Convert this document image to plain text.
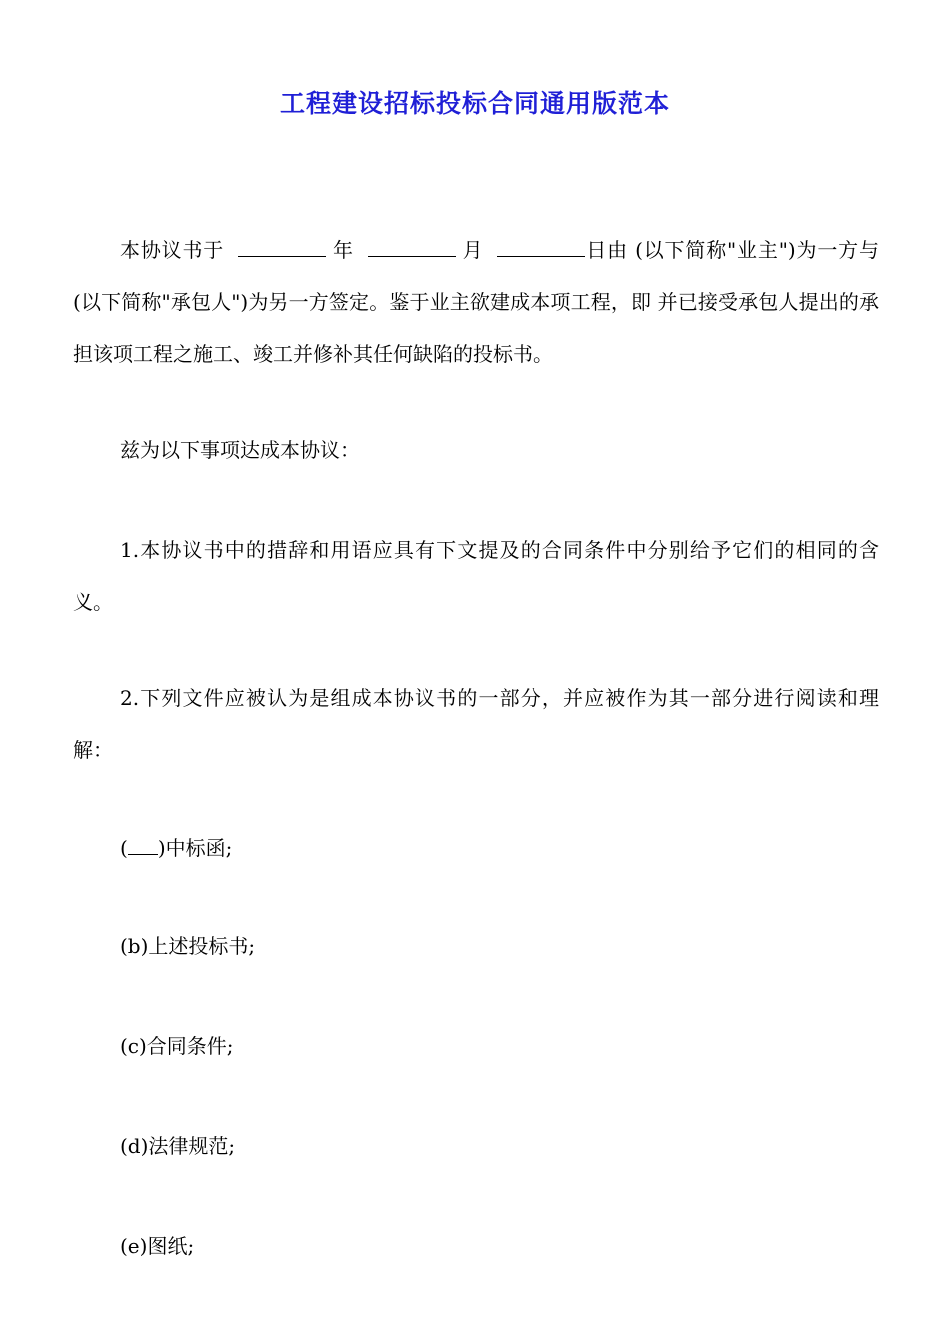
工程建设招标投标合同通用版范本
本协议书于	年	月	日由 (以下简称"业主")为一方与 (以下简称"承包人")为另一方签定。鉴于业主欲建成本项工程，即 并已接受承包人提出的承担该项工程之施工、竣工并修补其任何缺陷的投标书。
兹为以下事项达成本协议：
1.本协议书中的措辞和用语应具有下文提及的合同条件中分别给予它们的相同的含义。
2.下列文件应被认为是组成本协议书的一部分，并应被作为其一部分进行阅读和理解：
( )中标函;
(b)上述投标书;
(c)合同条件;
(d)法律规范;
(e)图纸;
